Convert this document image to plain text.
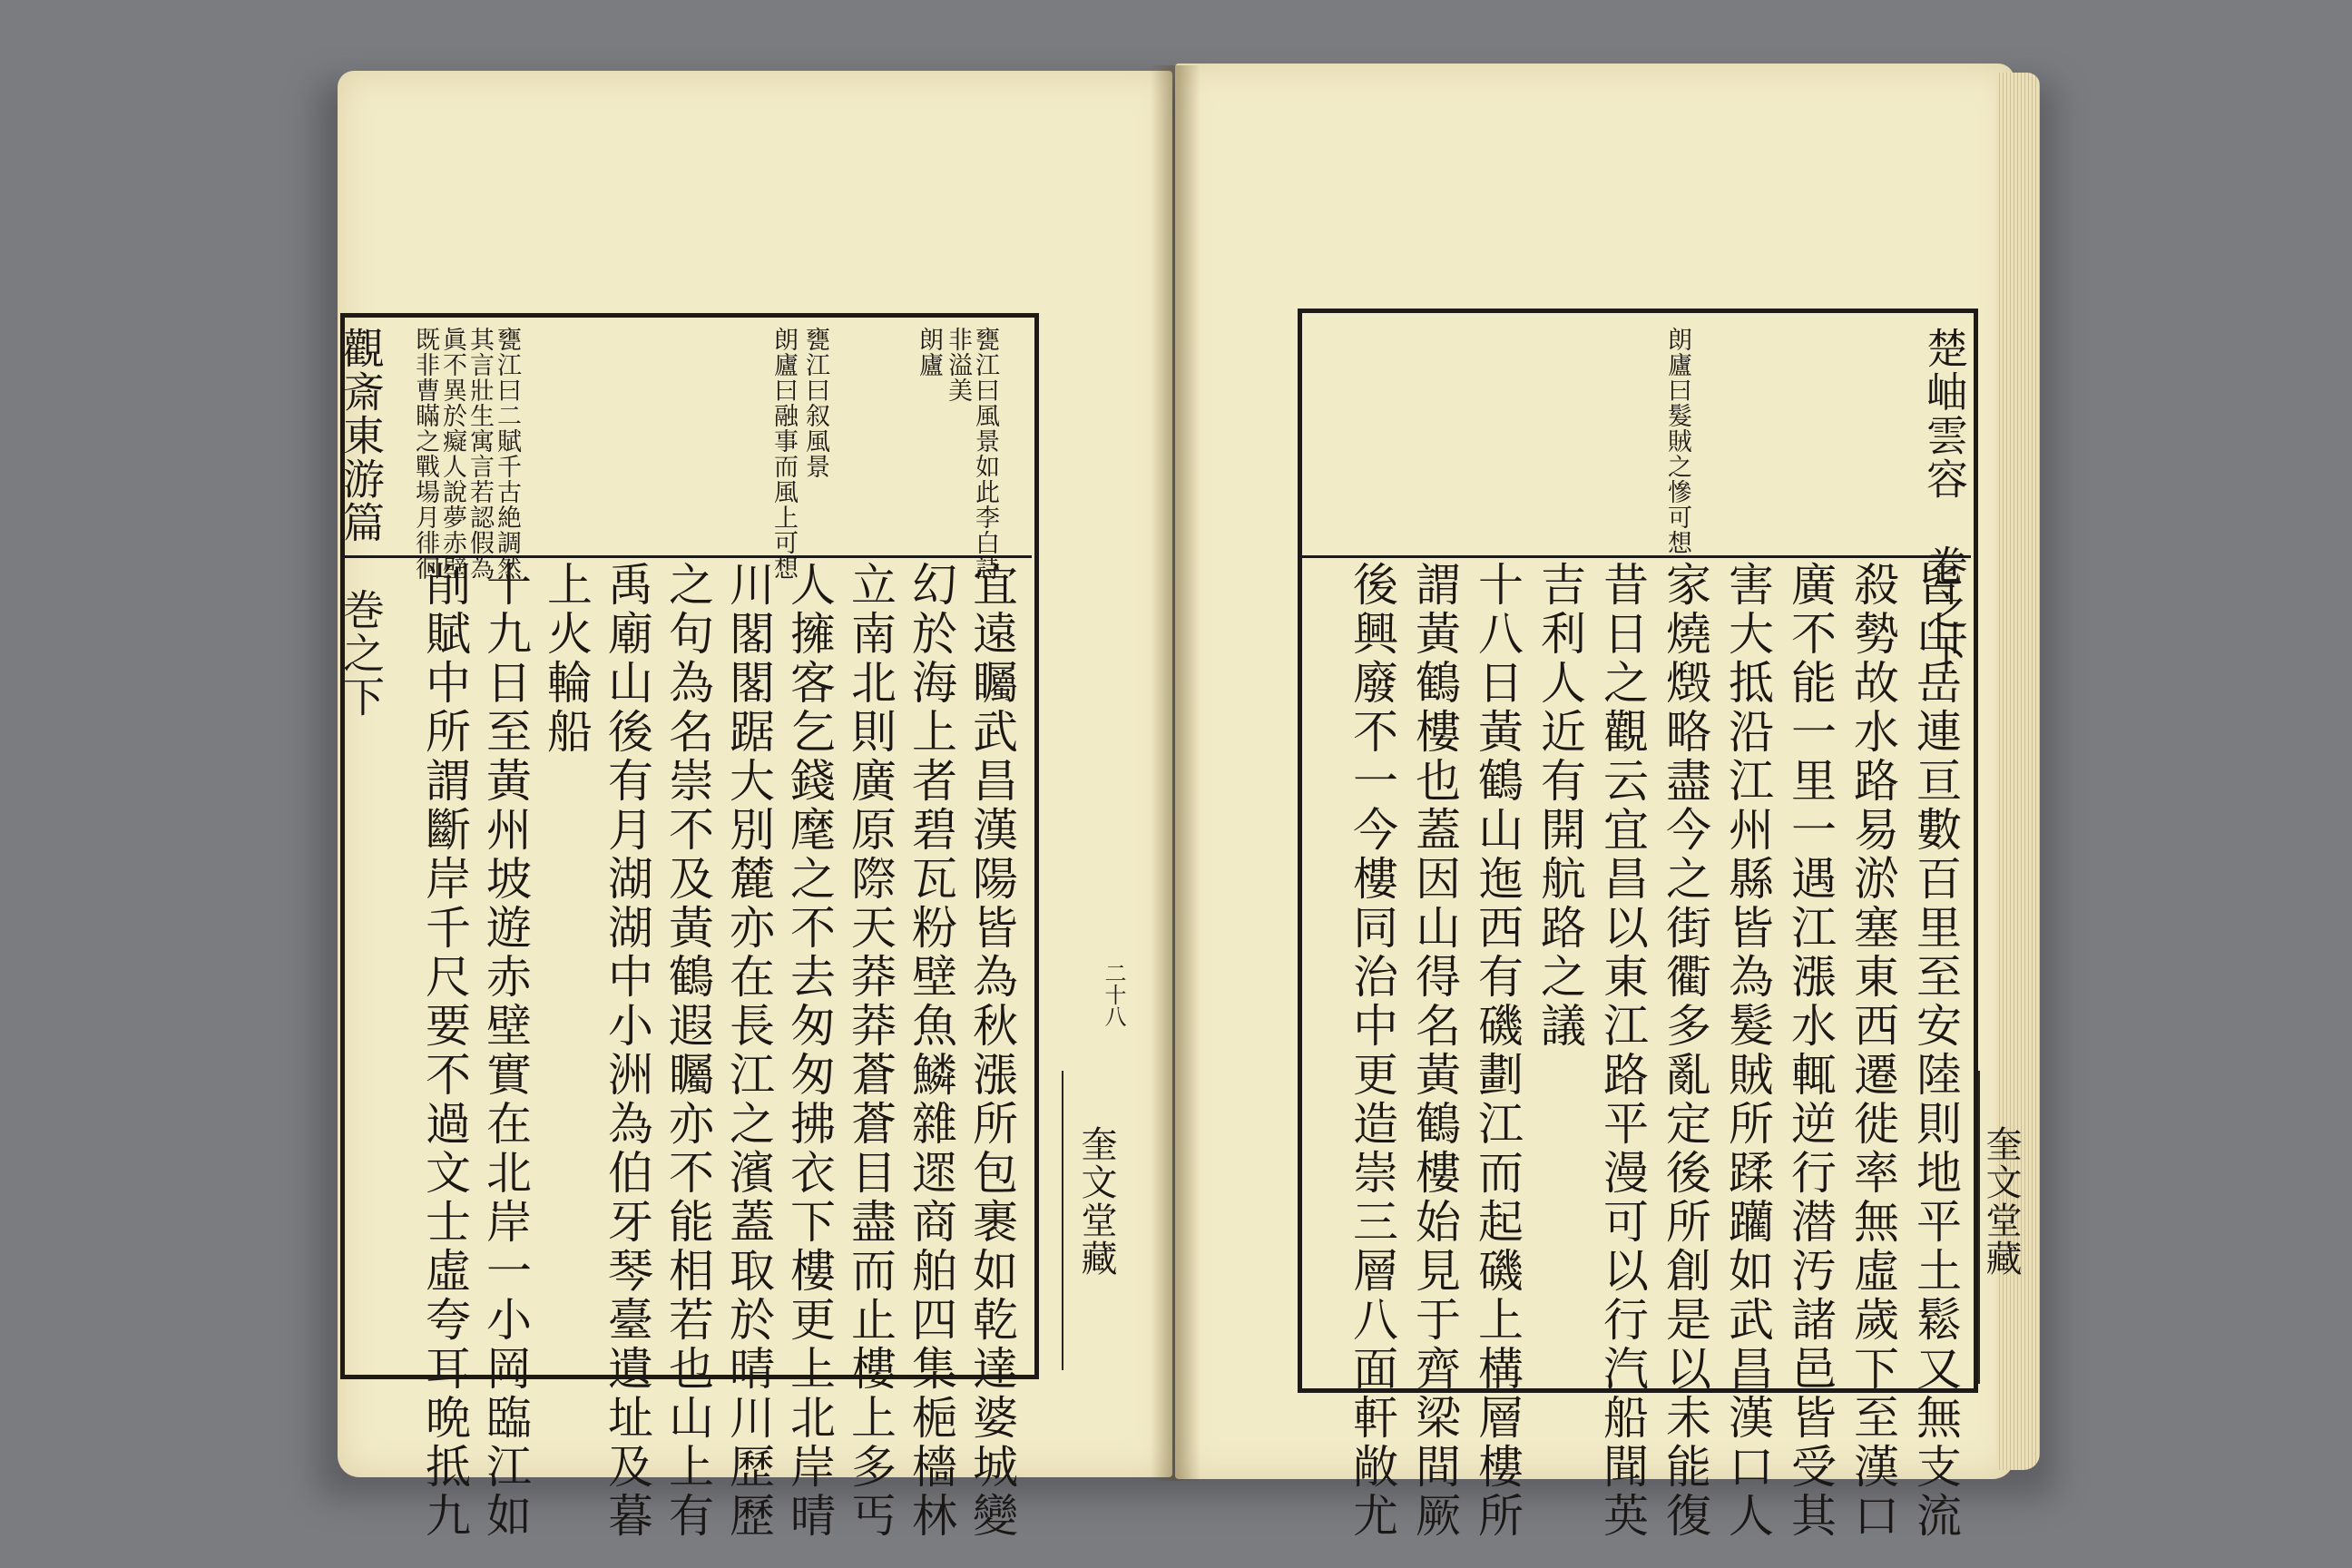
觀斎東游篇　巻之下
二十八
奎文堂藏
甕江曰風景如此李白詩
非溢美
朗廬
甕江曰叙風景
朗廬曰融事而風上可想
甕江曰二賦千古絶調然
其言壯生寓言若認假為
眞不異於癡人說夢赤壁
既非曹瞞之戰場月徘徊
宜遠矚武昌漢陽皆為秋漲所包裹如乾達婆城變
幻於海上者碧瓦粉壁魚鱗雜遝商舶四集梔檣林
立南北則廣原際天莽莽蒼蒼目盡而止樓上多丐
人擁客乞錢麾之不去匆匆拂衣下樓更上北岸晴
川閣閣踞大別麓亦在長江之濱蓋取於晴川歷歷
之句為名崇不及黃鶴遐矚亦不能相若也山上有
禹廟山後有月湖湖中小洲為伯牙琴臺遺址及暮
上火輪船
十九日至黃州坡遊赤壁實在北岸一小岡臨江如
削賦中所謂斷岸千尺要不過文士虛夸耳晩抵九
楚岫雲容　巻之下
奎文堂藏
朗廬曰髮賊之慘可想
皆山岳連亘數百里至安陸則地平土鬆又無支流
殺勢故水路易淤塞東西遷徙率無虛歲下至漢口
廣不能一里一遇江漲水輒逆行潜汚諸邑皆受其
害大抵沿江州縣皆為髮賊所蹂躪如武昌漢口人
家燒燬略盡今之街衢多亂定後所創是以未能復
昔日之觀云宜昌以東江路平漫可以行汽船聞英
吉利人近有開航路之議
十八日黃鶴山迤西有磯劃江而起磯上構層樓所
謂黃鶴樓也蓋因山得名黃鶴樓始見于齊梁間厥
後興廢不一今樓同治中更造崇三層八面軒敞尤
